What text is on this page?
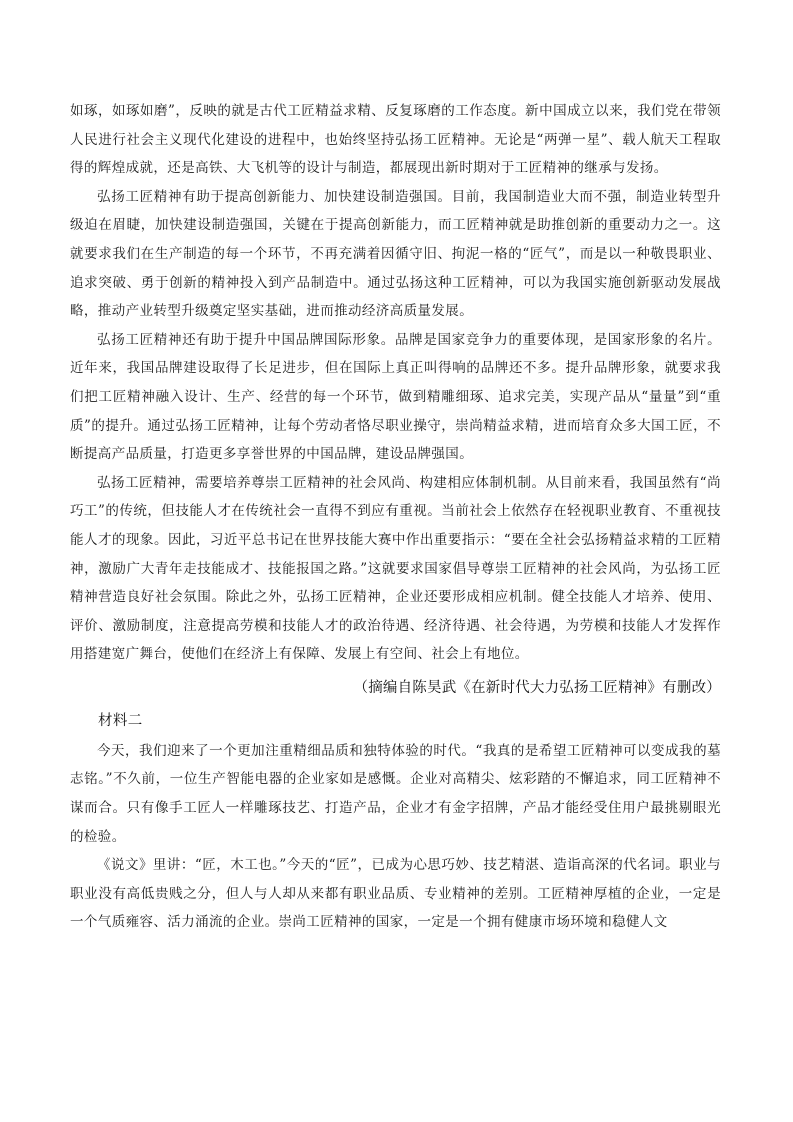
如琢，如琢如磨”，反映的就是古代工匠精益求精、反复琢磨的工作态度。新中国成立以来，我们党在带领人民进行社会主义现代化建设的进程中，也始终坚持弘扬工匠精神。无论是“两弹一星”、载人航天工程取得的辉煌成就，还是高铁、大飞机等的设计与制造，都展现出新时期对于工匠精神的继承与发扬。

弘扬工匠精神有助于提高创新能力、加快建设制造强国。目前，我国制造业大而不强，制造业转型升级迫在眉睫，加快建设制造强国，关键在于提高创新能力，而工匠精神就是助推创新的重要动力之一。这就要求我们在生产制造的每一个环节，不再充满着因循守旧、拘泥一格的“匠气”，而是以一种敬畏职业、追求突破、勇于创新的精神投入到产品制造中。通过弘扬这种工匠精神，可以为我国实施创新驱动发展战略，推动产业转型升级奠定坚实基础，进而推动经济高质量发展。

弘扬工匠精神还有助于提升中国品牌国际形象。品牌是国家竞争力的重要体现，是国家形象的名片。近年来，我国品牌建设取得了长足进步，但在国际上真正叫得响的品牌还不多。提升品牌形象，就要求我们把工匠精神融入设计、生产、经营的每一个环节，做到精雕细琢、追求完美，实现产品从“量量”到“重质”的提升。通过弘扬工匠精神，让每个劳动者恪尽职业操守，崇尚精益求精，进而培育众多大国工匠，不断提高产品质量，打造更多享誉世界的中国品牌，建设品牌强国。

弘扬工匠精神，需要培养尊崇工匠精神的社会风尚、构建相应体制机制。从目前来看，我国虽然有“尚巧工”的传统，但技能人才在传统社会一直得不到应有重视。当前社会上依然存在轻视职业教育、不重视技能人才的现象。因此，习近平总书记在世界技能大赛中作出重要指示：“要在全社会弘扬精益求精的工匠精神，激励广大青年走技能成才、技能报国之路。”这就要求国家倡导尊崇工匠精神的社会风尚，为弘扬工匠精神营造良好社会氛围。除此之外，弘扬工匠精神，企业还要形成相应机制。健全技能人才培养、使用、评价、激励制度，注意提高劳模和技能人才的政治待遇、经济待遇、社会待遇，为劳模和技能人才发挥作用搭建宽广舞台，使他们在经济上有保障、发展上有空间、社会上有地位。

（摘编自陈昊武《在新时代大力弘扬工匠精神》有删改）

材料二

今天，我们迎来了一个更加注重精细品质和独特体验的时代。“我真的是希望工匠精神可以变成我的墓志铭。”不久前，一位生产智能电器的企业家如是感慨。企业对高精尖、炫彩踏的不懈追求，同工匠精神不谋而合。只有像手工匠人一样雕琢技艺、打造产品，企业才有金字招牌，产品才能经受住用户最挑剔眼光的检验。

《说文》里讲：“匠，木工也。”今天的“匠”，已成为心思巧妙、技艺精湛、造诣高深的代名词。职业与职业没有高低贵贱之分，但人与人却从来都有职业品质、专业精神的差别。工匠精神厚植的企业，一定是一个气质雍容、活力涌流的企业。崇尚工匠精神的国家，一定是一个拥有健康市场环境和稳健人文
